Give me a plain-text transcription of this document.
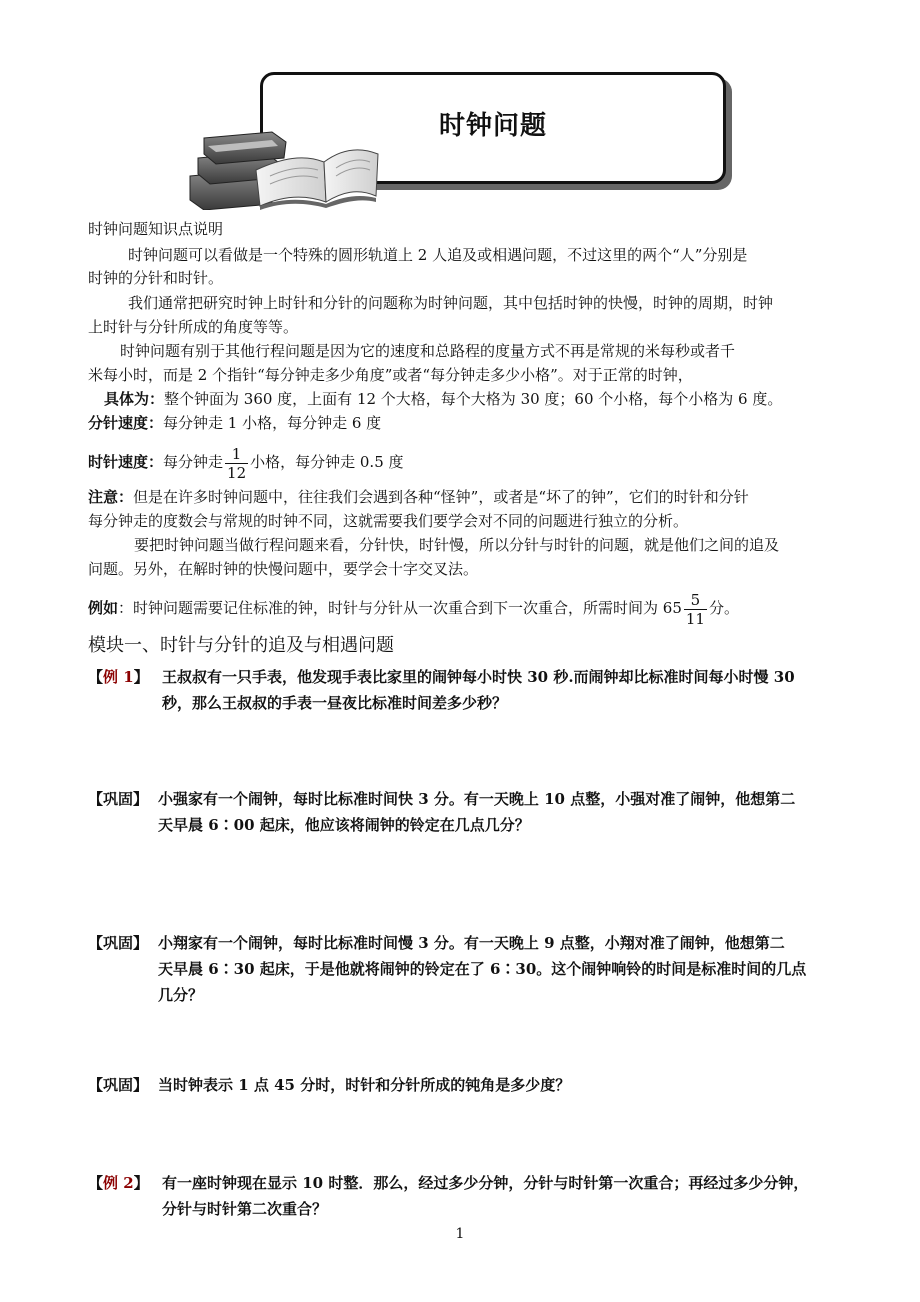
时钟问题
时钟问题知识点说明
时钟问题可以看做是一个特殊的圆形轨道上 2 人追及或相遇问题，不过这里的两个“人”分别是
时钟的分针和时针。
我们通常把研究时钟上时针和分针的问题称为时钟问题，其中包括时钟的快慢，时钟的周期，时钟
上时针与分针所成的角度等等。
时钟问题有别于其他行程问题是因为它的速度和总路程的度量方式不再是常规的米每秒或者千
米每小时，而是 2 个指针“每分钟走多少角度”或者“每分钟走多少小格”。对于正常的时钟，
具体为：整个钟面为 360 度，上面有 12 个大格，每个大格为 30 度；60 个小格，每个小格为 6 度。
分针速度：每分钟走 1 小格，每分钟走 6 度
时针速度：每分钟走 $\frac{1}{12}$ 小格，每分钟走 0.5 度
注意：但是在许多时钟问题中，往往我们会遇到各种“怪钟”，或者是“坏了的钟”，它们的时针和分针
每分钟走的度数会与常规的时钟不同，这就需要我们要学会对不同的问题进行独立的分析。
要把时钟问题当做行程问题来看，分针快，时针慢，所以分针与时针的问题，就是他们之间的追及
问题。另外，在解时钟的快慢问题中，要学会十字交叉法。
例如：时钟问题需要记住标准的钟，时针与分针从一次重合到下一次重合，所需时间为 $65 \frac{5}{11}$ 分。
模块一、时针与分针的追及与相遇问题
【例 1】 王叔叔有一只手表，他发现手表比家里的闹钟每小时快 30 秒.而闹钟却比标准时间每小时慢 30
秒，那么王叔叔的手表一昼夜比标准时间差多少秒？
【巩固】 小强家有一个闹钟，每时比标准时间快 3 分。有一天晚上 10 点整，小强对准了闹钟，他想第二
天早晨 6∶00 起床，他应该将闹钟的铃定在几点几分？
【巩固】 小翔家有一个闹钟，每时比标准时间慢 3 分。有一天晚上 9 点整，小翔对准了闹钟，他想第二
天早晨 6∶30 起床，于是他就将闹钟的铃定在了 6∶30。这个闹钟响铃的时间是标准时间的几点
几分？
【巩固】 当时钟表示 1 点 45 分时，时针和分针所成的钝角是多少度？
【例 2】 有一座时钟现在显示 10 时整．那么，经过多少分钟，分针与时针第一次重合；再经过多少分钟，
分针与时针第二次重合？
1
